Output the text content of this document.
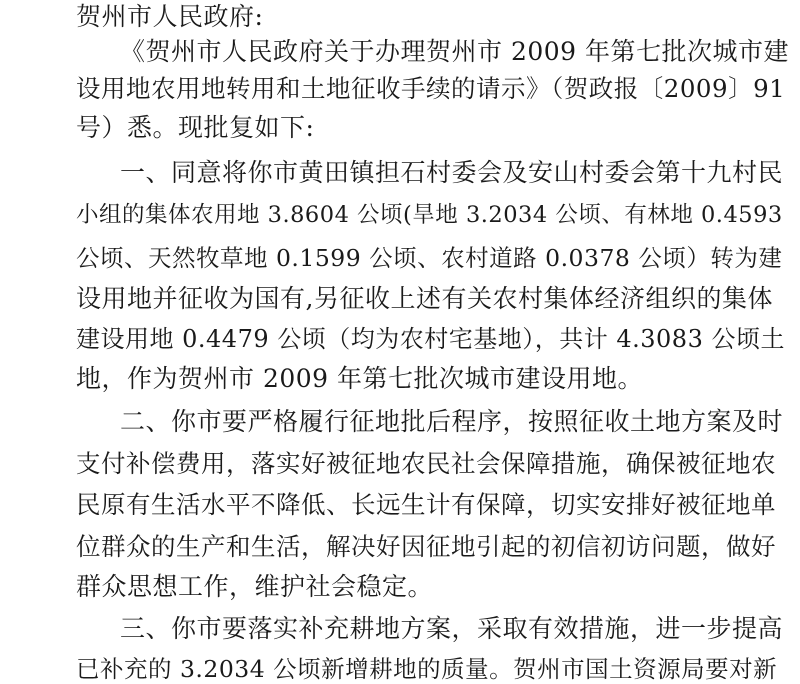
贺州市人民政府:
《贺州市人民政府关于办理贺州市 2009 年第七批次城市建
设用地农用地转用和土地征收手续的请示》（贺政报〔2009〕91
号）悉。现批复如下:
一、同意将你市黄田镇担石村委会及安山村委会第十九村民
小组的集体农用地 3.8604 公顷(旱地 3.2034 公顷、有林地 0.4593
公顷、天然牧草地 0.1599 公顷、农村道路 0.0378 公顷）转为建
设用地并征收为国有,另征收上述有关农村集体经济组织的集体
建设用地 0.4479 公顷（均为农村宅基地），共计 4.3083 公顷土
地，作为贺州市 2009 年第七批次城市建设用地。
二、你市要严格履行征地批后程序，按照征收土地方案及时
支付补偿费用，落实好被征地农民社会保障措施，确保被征地农
民原有生活水平不降低、长远生计有保障，切实安排好被征地单
位群众的生产和生活，解决好因征地引起的初信初访问题，做好
群众思想工作，维护社会稳定。
三、你市要落实补充耕地方案，采取有效措施，进一步提高
已补充的 3.2034 公顷新增耕地的质量。贺州市国土资源局要对新
